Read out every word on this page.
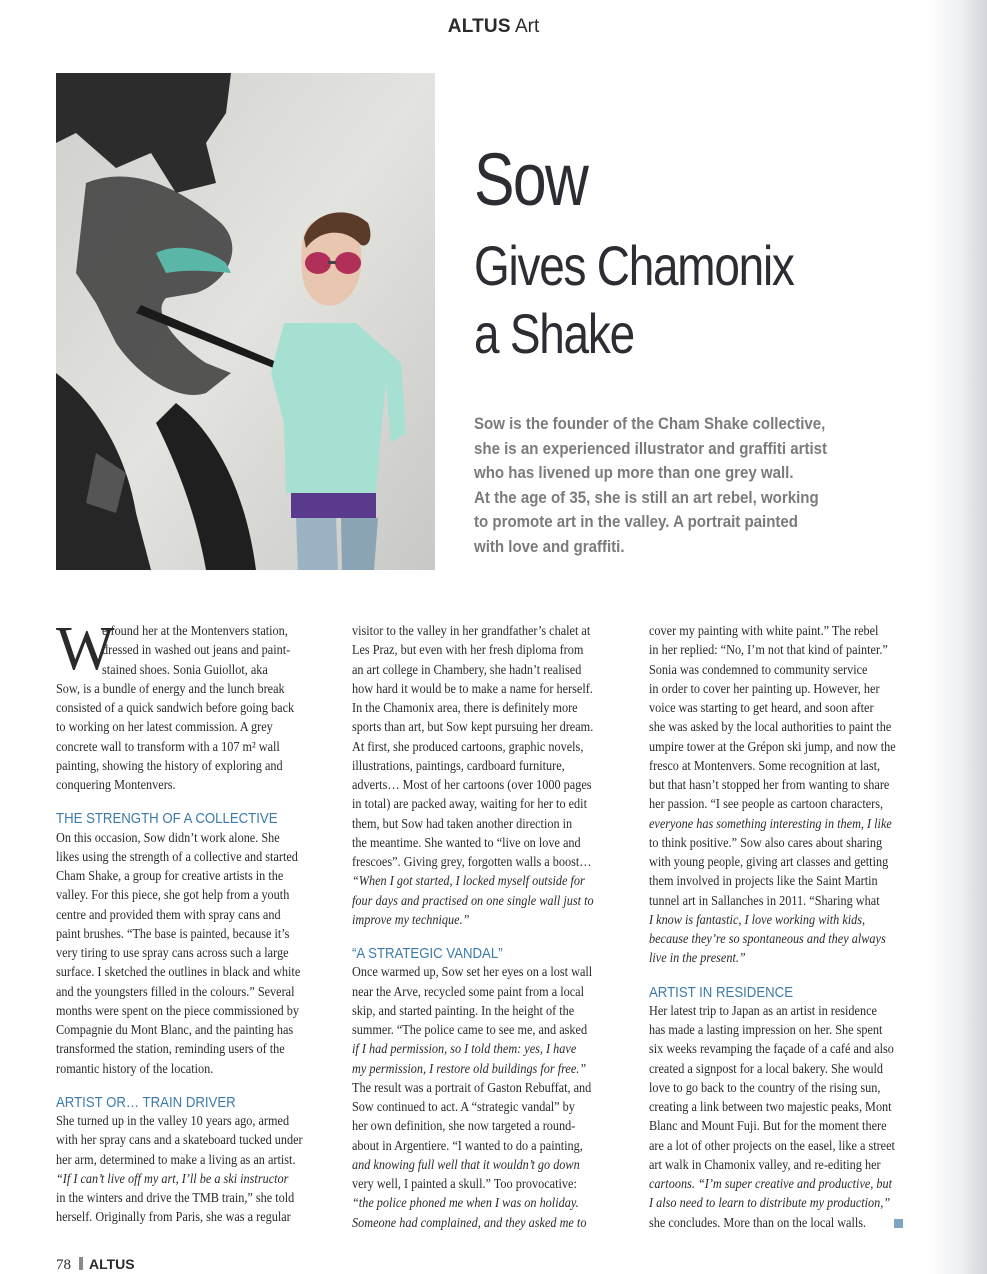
ALTUS Art
Sow
Gives Chamonix
a Shake
Sow is the founder of the Cham Shake collective,
she is an experienced illustrator and graffiti artist
who has livened up more than one grey wall.
At the age of 35, she is still an art rebel, working
to promote art in the valley. A portrait painted
with love and graffiti.
W
e found her at the Montenvers station,
dressed in washed out jeans and paint-
stained shoes. Sonia Guiollot, aka
Sow, is a bundle of energy and the lunch break
consisted of a quick sandwich before going back
to working on her latest commission. A grey
concrete wall to transform with a 107 m² wall
painting, showing the history of exploring and
conquering Montenvers.
THE STRENGTH OF A COLLECTIVE
On this occasion, Sow didn’t work alone. She
likes using the strength of a collective and started
Cham Shake, a group for creative artists in the
valley. For this piece, she got help from a youth
centre and provided them with spray cans and
paint brushes. “The base is painted, because it’s
very tiring to use spray cans across such a large
surface. I sketched the outlines in black and white
and the youngsters filled in the colours.” Several
months were spent on the piece commissioned by
Compagnie du Mont Blanc, and the painting has
transformed the station, reminding users of the
romantic history of the location.
ARTIST OR… TRAIN DRIVER
She turned up in the valley 10 years ago, armed
with her spray cans and a skateboard tucked under
her arm, determined to make a living as an artist.
“If I can’t live off my art, I’ll be a ski instructor
in the winters and drive the TMB train,” she told
herself. Originally from Paris, she was a regular
visitor to the valley in her grandfather’s chalet at
Les Praz, but even with her fresh diploma from
an art college in Chambery, she hadn’t realised
how hard it would be to make a name for herself.
In the Chamonix area, there is definitely more
sports than art, but Sow kept pursuing her dream.
At first, she produced cartoons, graphic novels,
illustrations, paintings, cardboard furniture,
adverts… Most of her cartoons (over 1000 pages
in total) are packed away, waiting for her to edit
them, but Sow had taken another direction in
the meantime. She wanted to “live on love and
frescoes”. Giving grey, forgotten walls a boost…
“When I got started, I locked myself outside for
four days and practised on one single wall just to
improve my technique.”
“A STRATEGIC VANDAL”
Once warmed up, Sow set her eyes on a lost wall
near the Arve, recycled some paint from a local
skip, and started painting. In the height of the
summer. “The police came to see me, and asked
if I had permission, so I told them: yes, I have
my permission, I restore old buildings for free.”
The result was a portrait of Gaston Rebuffat, and
Sow continued to act. A “strategic vandal” by
her own definition, she now targeted a round-
about in Argentiere. “I wanted to do a painting,
and knowing full well that it wouldn’t go down
very well, I painted a skull.” Too provocative:
“the police phoned me when I was on holiday.
Someone had complained, and they asked me to
cover my painting with white paint.” The rebel
in her replied: “No, I’m not that kind of painter.”
Sonia was condemned to community service
in order to cover her painting up. However, her
voice was starting to get heard, and soon after
she was asked by the local authorities to paint the
umpire tower at the Grépon ski jump, and now the
fresco at Montenvers. Some recognition at last,
but that hasn’t stopped her from wanting to share
her passion. “I see people as cartoon characters,
everyone has something interesting in them, I like
to think positive.” Sow also cares about sharing
with young people, giving art classes and getting
them involved in projects like the Saint Martin
tunnel art in Sallanches in 2011. “Sharing what
I know is fantastic, I love working with kids,
because they’re so spontaneous and they always
live in the present.”
ARTIST IN RESIDENCE
Her latest trip to Japan as an artist in residence
has made a lasting impression on her. She spent
six weeks revamping the façade of a café and also
created a signpost for a local bakery. She would
love to go back to the country of the rising sun,
creating a link between two majestic peaks, Mont
Blanc and Mount Fuji. But for the moment there
are a lot of other projects on the easel, like a street
art walk in Chamonix valley, and re-editing her
cartoons. “I’m super creative and productive, but
I also need to learn to distribute my production,”
she concludes. More than on the local walls.
78 ALTUS
